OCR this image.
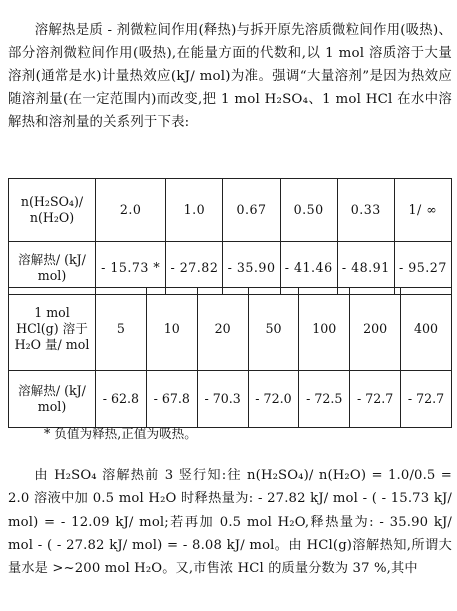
溶解热是质 - 剂微粒间作用(释热)与拆开原先溶质微粒间作用(吸热)、部分溶剂微粒间作用(吸热),在能量方面的代数和,以 1 mol 溶质溶于大量溶剂(通常是水)计量热效应(kJ/ mol)为准。强调“大量溶剂”是因为热效应随溶剂量(在一定范围内)而改变,把 1 mol H₂SO₄、1 mol HCl 在水中溶解热和溶剂量的关系列于下表:

n(H₂SO₄)/ n(H₂O)	2.0	1.0	0.67	0.50	0.33	1/ ∞
溶解热/ (kJ/ mol)	- 15.73 *	- 27.82	- 35.90	- 41.46	- 48.91	- 95.27
1 mol HCl(g) 溶于 H₂O 量/ mol	5	10	20	50	100	200	400
溶解热/ (kJ/ mol)	- 62.8	- 67.8	- 70.3	- 72.0	- 72.5	- 72.7	- 72.7
* 负值为释热,正值为吸热。

由 H₂SO₄ 溶解热前 3 竖行知:往 n(H₂SO₄)/ n(H₂O) = 1.0/0.5 = 2.0 溶液中加 0.5 mol H₂O 时释热量为: - 27.82 kJ/ mol - ( - 15.73 kJ/ mol) = - 12.09 kJ/ mol;若再加 0.5 mol H₂O,释热量为: - 35.90 kJ/ mol - ( - 27.82 kJ/ mol) = - 8.08 kJ/ mol。由 HCl(g)溶解热知,所谓大量水是 >~200 mol H₂O。又,市售浓 HCl 的质量分数为 37 %,其中
